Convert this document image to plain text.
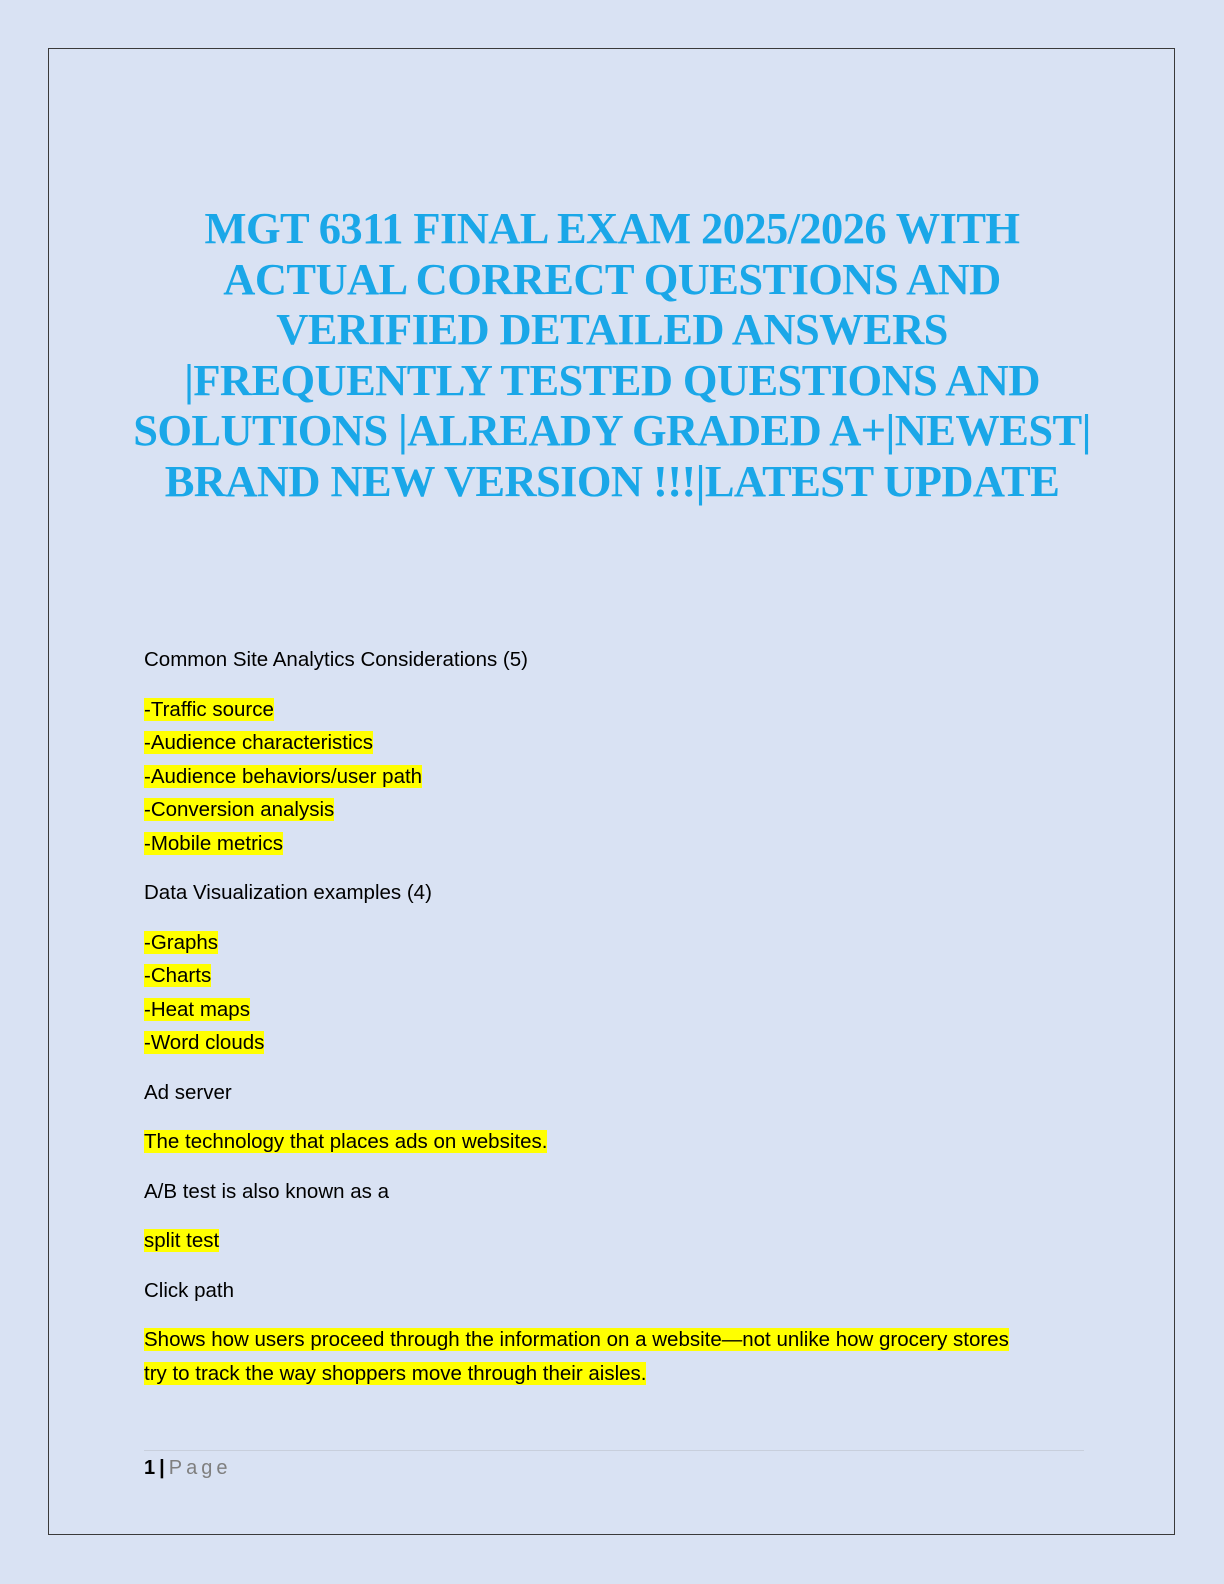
MGT 6311 FINAL EXAM 2025/2026 WITH
ACTUAL CORRECT QUESTIONS AND
VERIFIED DETAILED ANSWERS
|FREQUENTLY TESTED QUESTIONS AND
SOLUTIONS |ALREADY GRADED A+|NEWEST|
BRAND NEW VERSION !!!|LATEST UPDATE
Common Site Analytics Considerations (5)
-Traffic source
-Audience characteristics
-Audience behaviors/user path
-Conversion analysis
-Mobile metrics
Data Visualization examples (4)
-Graphs
-Charts
-Heat maps
-Word clouds
Ad server
The technology that places ads on websites.
A/B test is also known as a
split test
Click path
Shows how users proceed through the information on a website—not unlike how grocery stores
try to track the way shoppers move through their aisles.
1 | Page
